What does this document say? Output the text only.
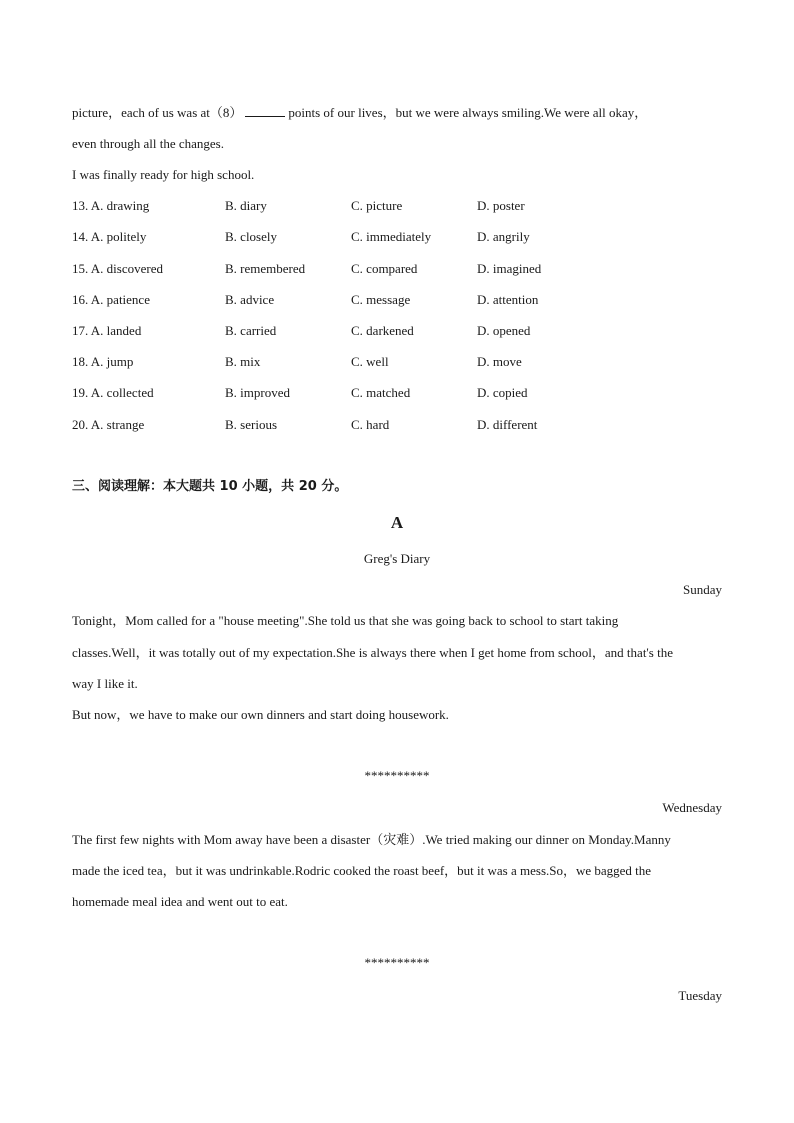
picture，each of us was at（8）	points of our lives，but we were always smiling.We were all okay，
even through all the changes.
I was finally ready for high school.
13. A. drawing	B. diary	C. picture	D. poster
14. A. politely	B. closely	C. immediately	D. angrily
15. A. discovered	B. remembered	C. compared	D. imagined
16. A. patience	B. advice	C. message	D. attention
17. A. landed	B. carried	C. darkened	D. opened
18. A. jump	B. mix	C. well	D. move
19. A. collected	B. improved	C. matched	D. copied
20. A. strange	B. serious	C. hard	D. different
三、阅读理解：本大题共 10 小题，共 20 分。
A
Greg's Diary
Sunday
Tonight，Mom called for a "house meeting".She told us that she was going back to school to start taking
classes.Well，it was totally out of my expectation.She is always there when I get home from school，and that's the
way I like it.
But now，we have to make our own dinners and start doing housework.
**********
Wednesday
The first few nights with Mom away have been a disaster（灾难）.We tried making our dinner on Monday.Manny
made the iced tea，but it was undrinkable.Rodric cooked the roast beef，but it was a mess.So，we bagged the
homemade meal idea and went out to eat.
**********
Tuesday
